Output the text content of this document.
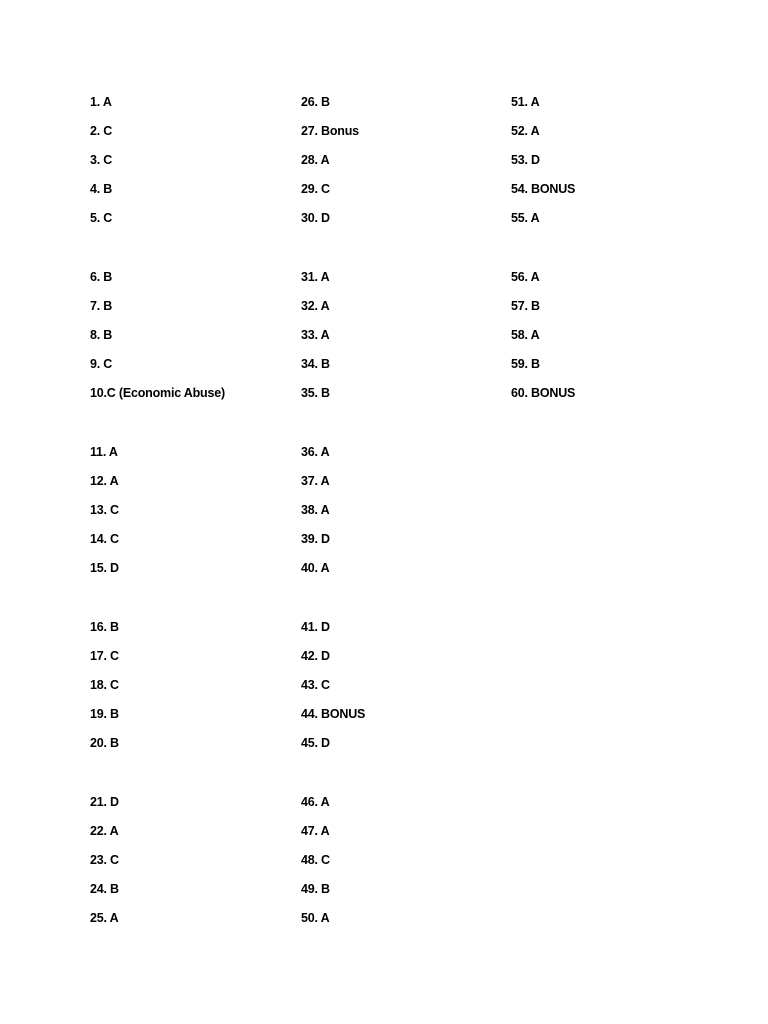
1. A
2. C
3. C
4. B
5. C
6. B
7. B
8. B
9. C
10.C (Economic Abuse)
11. A
12. A
13. C
14. C
15. D
16. B
17. C
18. C
19. B
20. B
21. D
22. A
23. C
24. B
25. A
26. B
27. Bonus
28. A
29. C
30. D
31. A
32. A
33. A
34. B
35. B
36. A
37. A
38. A
39. D
40. A
41. D
42. D
43. C
44. BONUS
45. D
46. A
47. A
48. C
49. B
50. A
51. A
52. A
53. D
54. BONUS
55. A
56. A
57. B
58. A
59. B
60. BONUS
